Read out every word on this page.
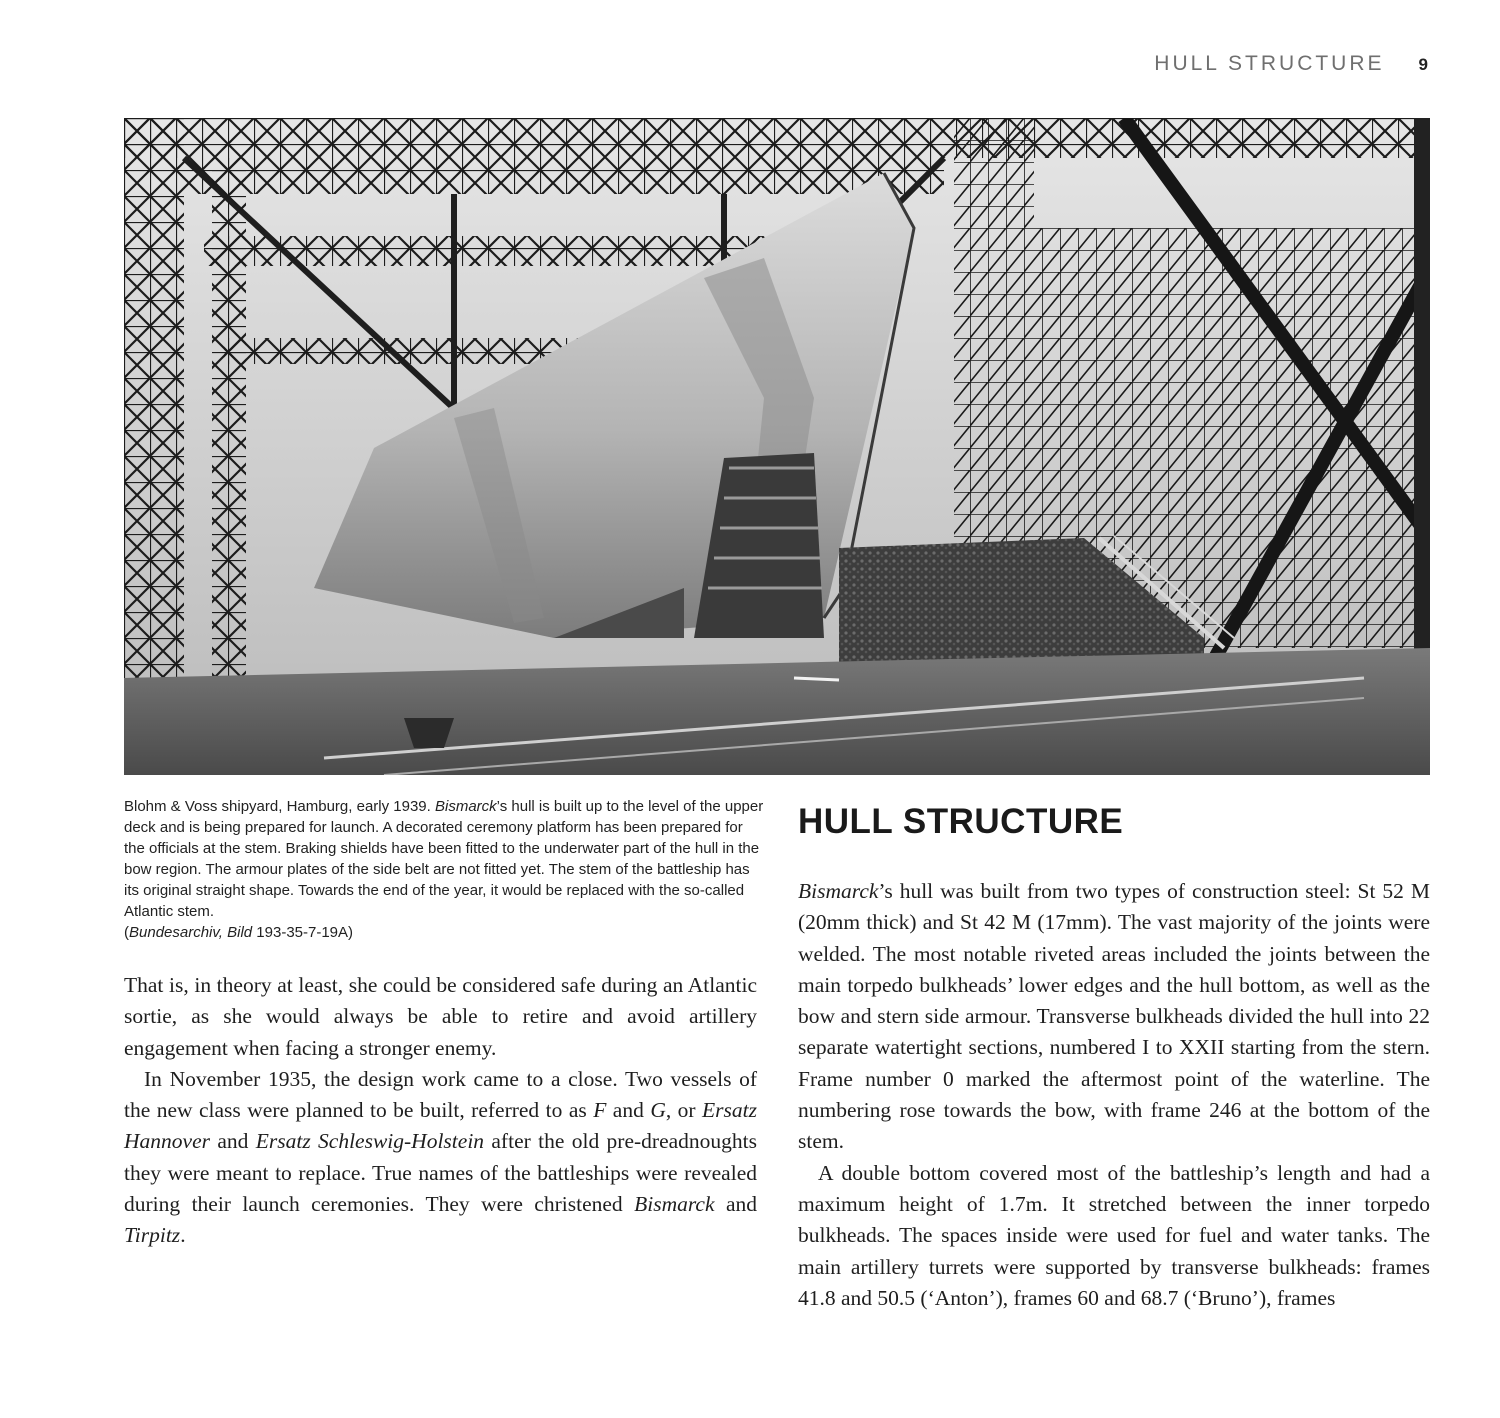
HULL STRUCTURE 9
Blohm & Voss shipyard, Hamburg, early 1939. Bismarck’s hull is built up to the level of the upper deck and is being prepared for launch. A decorated ceremony platform has been prepared for the officials at the stem. Braking shields have been fitted to the underwater part of the hull in the bow region. The armour plates of the side belt are not fitted yet. The stem of the battleship has its original straight shape. Towards the end of the year, it would be replaced with the so-called Atlantic stem.
(Bundesarchiv, Bild 193-35-7-19A)

That is, in theory at least, she could be considered safe during an Atlantic sortie, as she would always be able to retire and avoid artillery engagement when facing a stronger enemy.

In November 1935, the design work came to a close. Two vessels of the new class were planned to be built, referred to as F and G, or Ersatz Hannover and Ersatz Schleswig-Holstein after the old pre-dreadnoughts they were meant to replace. True names of the battleships were revealed during their launch ceremonies. They were christened Bismarck and Tirpitz.

HULL STRUCTURE

Bismarck’s hull was built from two types of construction steel: St 52 M (20mm thick) and St 42 M (17mm). The vast majority of the joints were welded. The most notable riveted areas included the joints between the main torpedo bulkheads’ lower edges and the hull bottom, as well as the bow and stern side armour. Transverse bulkheads divided the hull into 22 separate watertight sections, numbered I to XXII starting from the stern. Frame number 0 marked the aftermost point of the waterline. The numbering rose towards the bow, with frame 246 at the bottom of the stem.

A double bottom covered most of the battleship’s length and had a maximum height of 1.7m. It stretched between the inner torpedo bulkheads. The spaces inside were used for fuel and water tanks. The main artillery turrets were supported by transverse bulkheads: frames 41.8 and 50.5 (‘Anton’), frames 60 and 68.7 (‘Bruno’), frames
